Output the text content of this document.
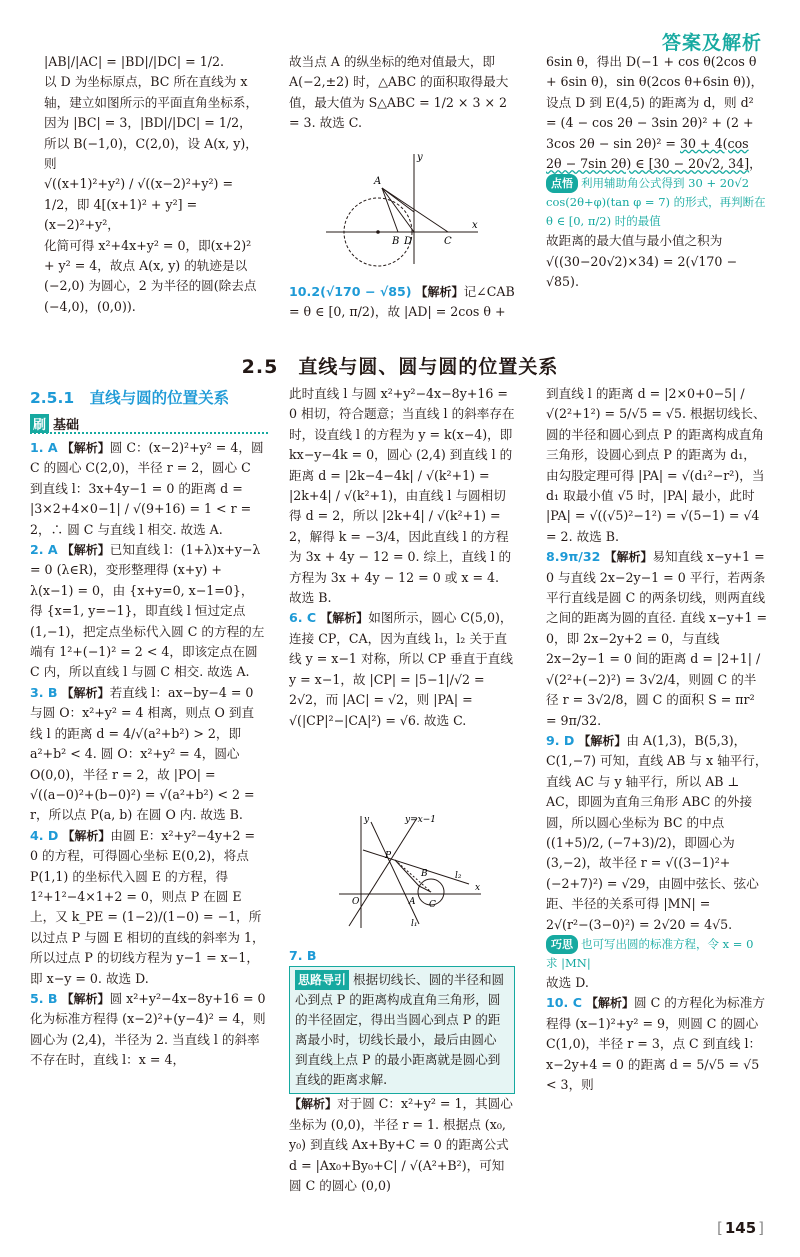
答案及解析

|AB|/|AC| = |BD|/|DC| = 1/2.

以 D 为坐标原点，BC 所在直线为 x 轴，建立如图所示的平面直角坐标系，因为 |BC| = 3，|BD|/|DC| = 1/2，所以 B(−1,0)，C(2,0)，设 A(x, y)，则

√((x+1)²+y²) / √((x−2)²+y²) = 1/2，即 4[(x+1)² + y²] = (x−2)²+y²，

化简可得 x²+4x+y² = 0，即(x+2)² + y² = 4，故点 A(x, y) 的轨迹是以 (−2,0) 为圆心，2 为半径的圆(除去点(−4,0)，(0,0)).

故当点 A 的纵坐标的绝对值最大，即 A(−2,±2) 时，△ABC 的面积取得最大值，最大值为 S△ABC = 1/2 × 3 × 2 = 3. 故选 C.

A
B D	C
x
y

10.2(√170 − √85) 【解析】记∠CAB = θ ∈ [0, π/2)，故 |AD| = 2cos θ +

6sin θ，得出 D(−1 + cos θ(2cos θ + 6sin θ)，sin θ(2cos θ+6sin θ))，设点 D 到 E(4,5) 的距离为 d，则 d² = (4 − cos 2θ − 3sin 2θ)² + (2 + 3cos 2θ − sin 2θ)² = 30 + 4(cos 2θ − 7sin 2θ) ∈ [30 − 20√2, 34]，

点悟 利用辅助角公式得到 30 + 20√2 cos(2θ+φ)(tan φ = 7) 的形式，再判断在 θ ∈ [0, π/2) 时的最值

故距离的最大值与最小值之积为 √((30−20√2)×34) = 2(√170 − √85).

2.5　直线与圆、圆与圆的位置关系
2.5.1　直线与圆的位置关系
刷 基础

1. A 【解析】圆 C：(x−2)²+y² = 4，圆 C 的圆心 C(2,0)，半径 r = 2，圆心 C 到直线 l：3x+4y−1 = 0 的距离 d = |3×2+4×0−1| / √(9+16) = 1 < r = 2，∴ 圆 C 与直线 l 相交. 故选 A.

2. A 【解析】已知直线 l：(1+λ)x+y−λ = 0 (λ∈R)，变形整理得 (x+y) + λ(x−1) = 0，由 {x+y=0, x−1=0}，得 {x=1, y=−1}，即直线 l 恒过定点 (1,−1)，把定点坐标代入圆 C 的方程的左端有 1²+(−1)² = 2 < 4，即该定点在圆 C 内，所以直线 l 与圆 C 相交. 故选 A.

3. B 【解析】若直线 l：ax−by−4 = 0 与圆 O：x²+y² = 4 相离，则点 O 到直线 l 的距离 d = 4/√(a²+b²) > 2，即 a²+b² < 4. 圆 O：x²+y² = 4，圆心 O(0,0)，半径 r = 2，故 |PO| = √((a−0)²+(b−0)²) = √(a²+b²) < 2 = r，所以点 P(a, b) 在圆 O 内. 故选 B.

4. D 【解析】由圆 E：x²+y²−4y+2 = 0 的方程，可得圆心坐标 E(0,2)，将点 P(1,1) 的坐标代入圆 E 的方程，得 1²+1²−4×1+2 = 0，则点 P 在圆 E 上，又 k_PE = (1−2)/(1−0) = −1，所以过点 P 与圆 E 相切的直线的斜率为 1，所以过点 P 的切线方程为 y−1 = x−1，即 x−y = 0. 故选 D.

5. B 【解析】圆 x²+y²−4x−8y+16 = 0 化为标准方程得 (x−2)²+(y−4)² = 4，则圆心为 (2,4)，半径为 2. 当直线 l 的斜率不存在时，直线 l：x = 4，

此时直线 l 与圆 x²+y²−4x−8y+16 = 0 相切，符合题意；当直线 l 的斜率存在时，设直线 l 的方程为 y = k(x−4)，即 kx−y−4k = 0，圆心 (2,4) 到直线 l 的距离 d = |2k−4−4k| / √(k²+1) = |2k+4| / √(k²+1)，由直线 l 与圆相切得 d = 2，所以 |2k+4| / √(k²+1) = 2，解得 k = −3/4，因此直线 l 的方程为 3x + 4y − 12 = 0. 综上，直线 l 的方程为 3x + 4y − 12 = 0 或 x = 4. 故选 B.

6. C 【解析】如图所示，圆心 C(5,0)，连接 CP，CA，因为直线 l₁，l₂ 关于直线 y = x−1 对称，所以 CP 垂直于直线 y = x−1，故 |CP| = |5−1|/√2 = 2√2，而 |AC| = √2，则 |PA| = √(|CP|²−|CA|²) = √6. 故选 C.

y=x−1
P
B
A C
O
l₁
l₂
x
y

7. B

思路导引 根据切线长、圆的半径和圆心到点 P 的距离构成直角三角形，圆的半径固定，得出当圆心到点 P 的距离最小时，切线长最小，最后由圆心到直线上点 P 的最小距离就是圆心到直线的距离求解.

【解析】对于圆 C：x²+y² = 1，其圆心坐标为 (0,0)，半径 r = 1. 根据点 (x₀, y₀) 到直线 Ax+By+C = 0 的距离公式 d = |Ax₀+By₀+C| / √(A²+B²)，可知圆 C 的圆心 (0,0)

到直线 l 的距离 d = |2×0+0−5| / √(2²+1²) = 5/√5 = √5. 根据切线长、圆的半径和圆心到点 P 的距离构成直角三角形，设圆心到点 P 的距离为 d₁，由勾股定理可得 |PA| = √(d₁²−r²)，当 d₁ 取最小值 √5 时，|PA| 最小，此时 |PA| = √((√5)²−1²) = √(5−1) = √4 = 2. 故选 B.

8.9π/32 【解析】易知直线 x−y+1 = 0 与直线 2x−2y−1 = 0 平行，若两条平行直线是圆 C 的两条切线，则两直线之间的距离为圆的直径. 直线 x−y+1 = 0，即 2x−2y+2 = 0，与直线 2x−2y−1 = 0 间的距离 d = |2+1| / √(2²+(−2)²) = 3√2/4，则圆 C 的半径 r = 3√2/8，圆 C 的面积 S = πr² = 9π/32.

9. D 【解析】由 A(1,3)，B(5,3)，C(1,−7) 可知，直线 AB 与 x 轴平行，直线 AC 与 y 轴平行，所以 AB ⊥ AC，即圆为直角三角形 ABC 的外接圆，所以圆心坐标为 BC 的中点 ((1+5)/2, (−7+3)/2)，即圆心为 (3,−2)，故半径 r = √((3−1)²+(−2+7)²) = √29，由圆中弦长、弦心距、半径的关系可得 |MN| = 2√(r²−(3−0)²) = 2√20 = 4√5.

巧思 也可写出圆的标准方程，令 x = 0 求 |MN|

故选 D.

10. C 【解析】圆 C 的方程化为标准方程得 (x−1)²+y² = 9，则圆 C 的圆心 C(1,0)，半径 r = 3，点 C 到直线 l：x−2y+4 = 0 的距离 d = 5/√5 = √5 < 3，则

[ 145 ]
